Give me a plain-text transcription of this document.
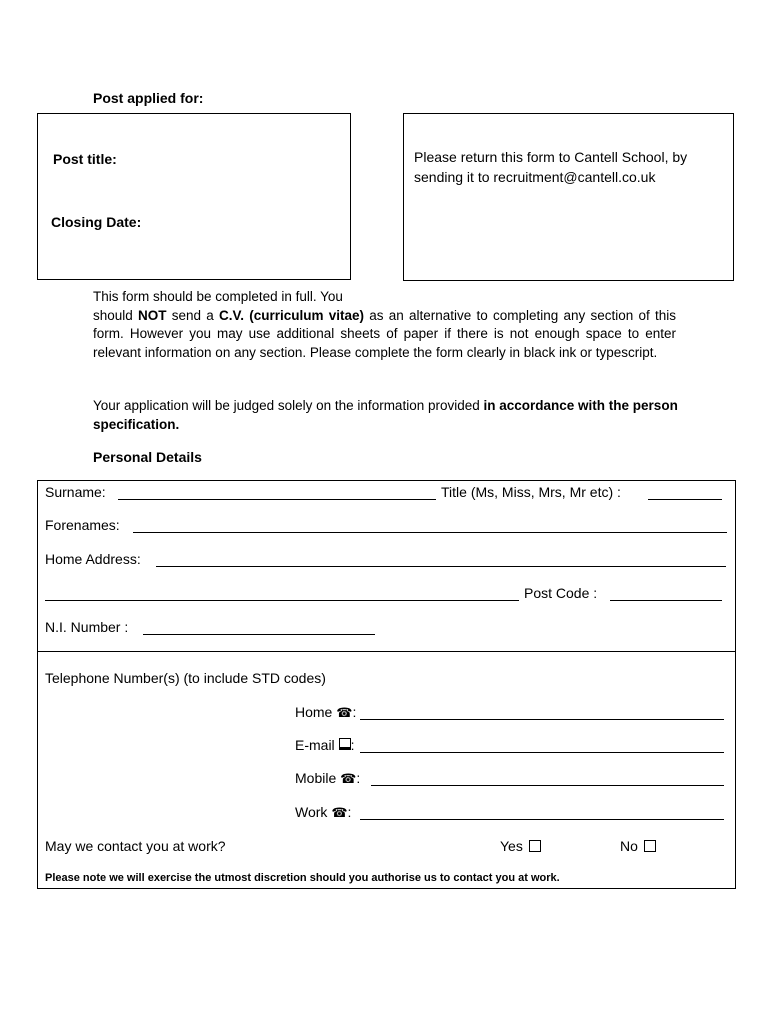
Post applied for:
Post title:
Closing Date:
Please return this form to Cantell School, by sending it to recruitment@cantell.co.uk
This form should be completed in full. You
should NOT send a C.V. (curriculum vitae) as an alternative to completing any section of this form. However you may use additional sheets of paper if there is not enough space to enter relevant information on any section. Please complete the form clearly in black ink or typescript.
Your application will be judged solely on the information provided in accordance with the person specification.
Personal Details
Surname:	Title (Ms, Miss, Mrs, Mr etc) :
Forenames:
Home Address:
Post Code :
N.I. Number :
Telephone Number(s) (to include STD codes)
Home ☎:
E-mail :
Mobile ☎:
Work ☎:
May we contact you at work?	Yes	No
Please note we will exercise the utmost discretion should you authorise us to contact you at work.
